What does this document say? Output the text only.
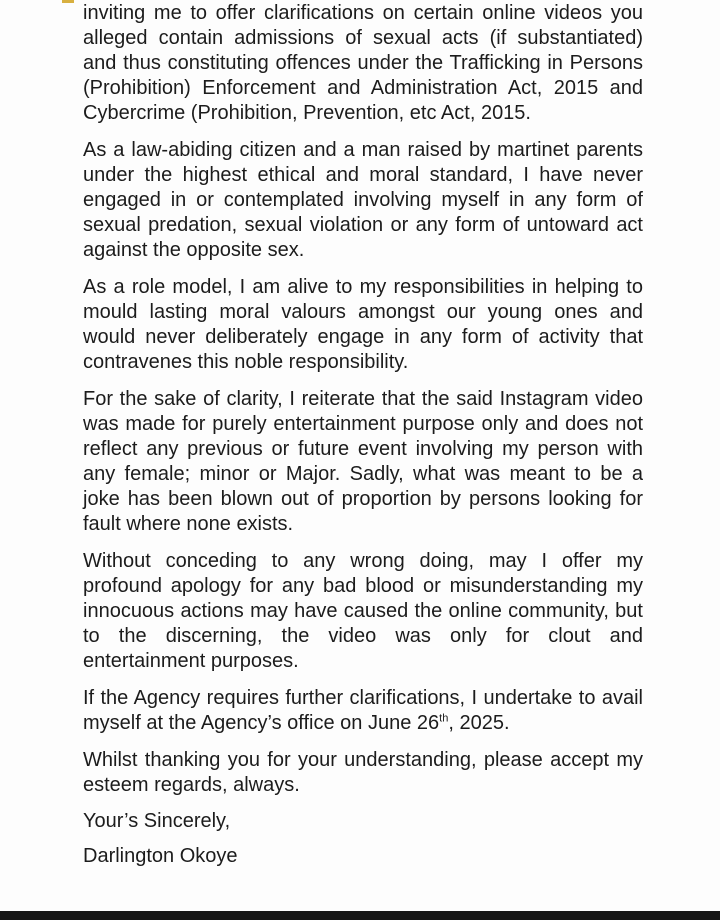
inviting me to offer clarifications on certain online videos you alleged contain admissions of sexual acts (if substantiated) and thus constituting offences under the Trafficking in Persons (Prohibition) Enforcement and Administration Act, 2015 and Cybercrime (Prohibition, Prevention, etc Act, 2015.

As a law-abiding citizen and a man raised by martinet parents under the highest ethical and moral standard, I have never engaged in or contemplated involving myself in any form of sexual predation, sexual violation or any form of untoward act against the opposite sex.

As a role model, I am alive to my responsibilities in helping to mould lasting moral valours amongst our young ones and would never deliberately engage in any form of activity that contravenes this noble responsibility.

For the sake of clarity, I reiterate that the said Instagram video was made for purely entertainment purpose only and does not reflect any previous or future event involving my person with any female; minor or Major. Sadly, what was meant to be a joke has been blown out of proportion by persons looking for fault where none exists.

Without conceding to any wrong doing, may I offer my profound apology for any bad blood or misunderstanding my innocuous actions may have caused the online community, but to the discerning, the video was only for clout and entertainment purposes.

If the Agency requires further clarifications, I undertake to avail myself at the Agency’s office on June 26th, 2025.

Whilst thanking you for your understanding, please accept my esteem regards, always.

Your’s Sincerely,

Darlington Okoye
